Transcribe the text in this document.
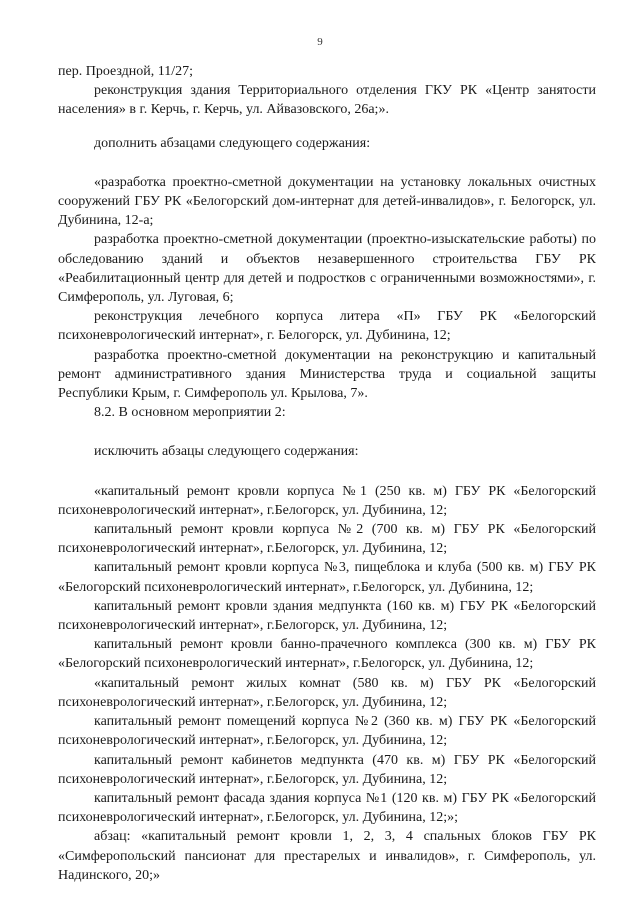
9

пер. Проездной, 11/27;

реконструкция здания Территориального отделения ГКУ РК «Центр занятости населения» в г. Керчь, г. Керчь, ул. Айвазовского, 26а;».

дополнить абзацами следующего содержания:

«разработка проектно-сметной документации на установку локальных очистных сооружений ГБУ РК «Белогорский дом-интернат для детей-инвалидов», г. Белогорск, ул. Дубинина, 12-а;

разработка проектно-сметной документации (проектно-изыскательские работы) по обследованию зданий и объектов незавершенного строительства ГБУ РК «Реабилитационный центр для детей и подростков с ограниченными возможностями», г. Симферополь, ул. Луговая, 6;

реконструкция лечебного корпуса литера «П» ГБУ РК «Белогорский психоневрологический интернат», г. Белогорск, ул. Дубинина, 12;

разработка проектно-сметной документации на реконструкцию и капитальный ремонт административного здания Министерства труда и социальной защиты Республики Крым, г. Симферополь ул. Крылова, 7».

8.2. В основном мероприятии 2:

исключить абзацы следующего содержания:

«капитальный ремонт кровли корпуса №1 (250 кв. м) ГБУ РК «Белогорский психоневрологический интернат», г.Белогорск, ул. Дубинина, 12;

капитальный ремонт кровли корпуса №2 (700 кв. м) ГБУ РК «Белогорский психоневрологический интернат», г.Белогорск, ул. Дубинина, 12;

капитальный ремонт кровли корпуса №3, пищеблока и клуба (500 кв. м) ГБУ РК «Белогорский психоневрологический интернат», г.Белогорск, ул. Дубинина, 12;

капитальный ремонт кровли здания медпункта (160 кв. м) ГБУ РК «Белогорский психоневрологический интернат», г.Белогорск, ул. Дубинина, 12;

капитальный ремонт кровли банно-прачечного комплекса (300 кв. м) ГБУ РК «Белогорский психоневрологический интернат», г.Белогорск, ул. Дубинина, 12;

«капитальный ремонт жилых комнат (580 кв. м) ГБУ РК «Белогорский психоневрологический интернат», г.Белогорск, ул. Дубинина, 12;

капитальный ремонт помещений корпуса №2 (360 кв. м) ГБУ РК «Белогорский психоневрологический интернат», г.Белогорск, ул. Дубинина, 12;

капитальный ремонт кабинетов медпункта (470 кв. м) ГБУ РК «Белогорский психоневрологический интернат», г.Белогорск, ул. Дубинина, 12;

капитальный ремонт фасада здания корпуса №1 (120 кв. м) ГБУ РК «Белогорский психоневрологический интернат», г.Белогорск, ул. Дубинина, 12;»;

абзац: «капитальный ремонт кровли 1, 2, 3, 4 спальных блоков ГБУ РК «Симферопольский пансионат для престарелых и инвалидов», г. Симферополь, ул. Надинского, 20;»
